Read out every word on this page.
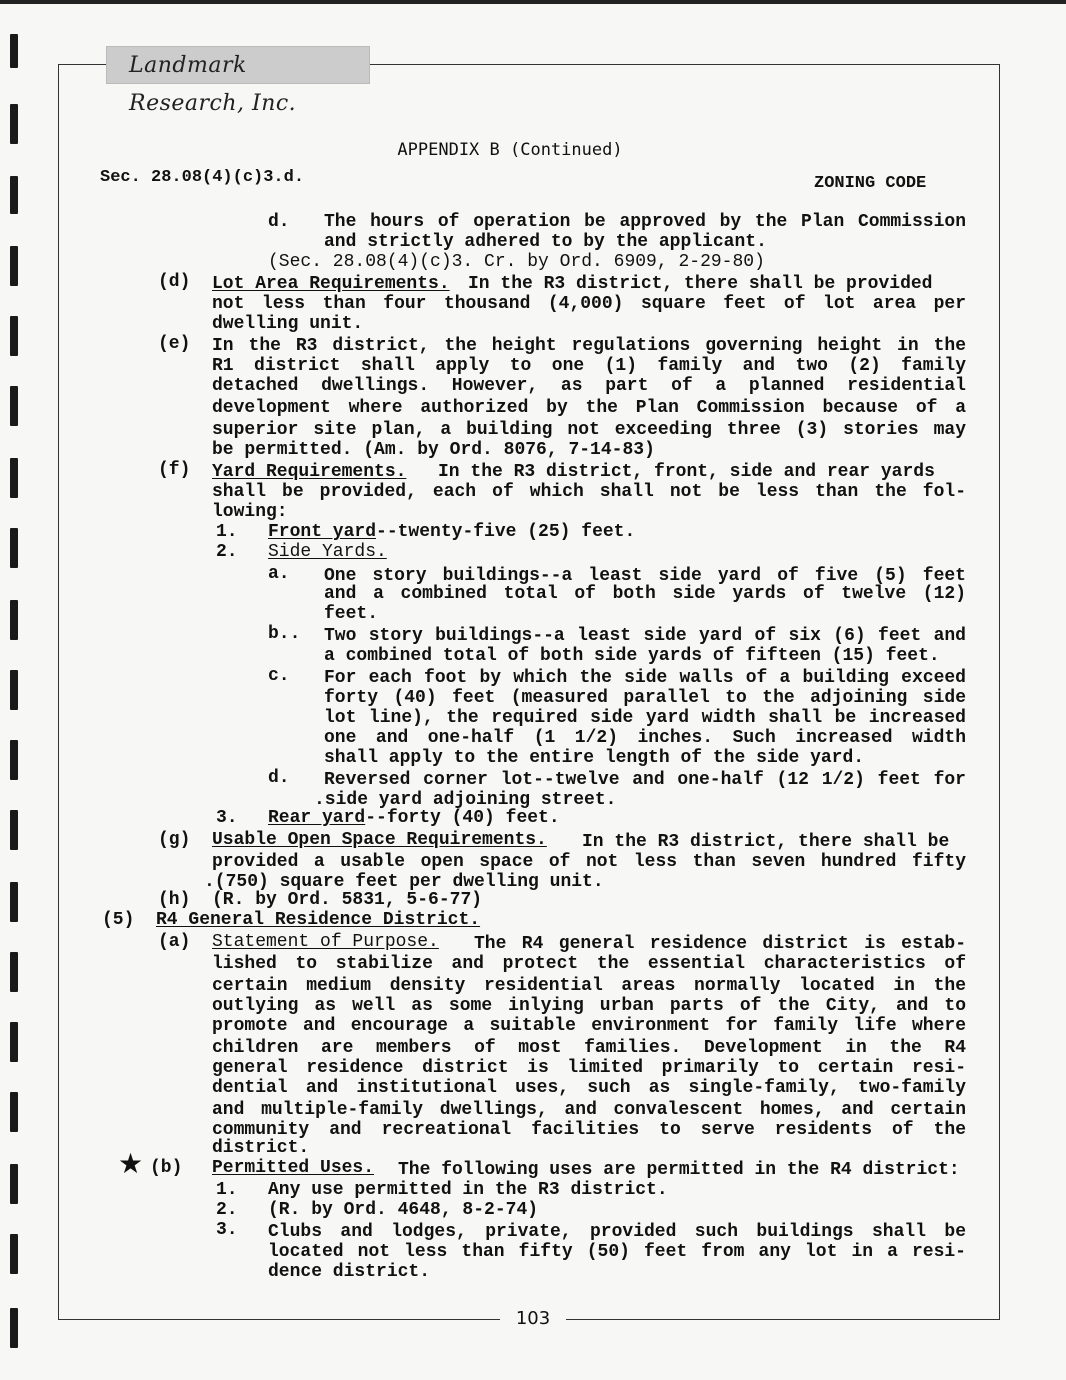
Landmark Research, Inc.
103
APPENDIX B (Continued)
Sec. 28.08(4)(c)3.d.	ZONING CODE
d. The hours of operation be approved by the Plan Commission
and strictly adhered to by the applicant.
(Sec. 28.08(4)(c)3. Cr. by Ord. 6909, 2-29-80)
(d) Lot Area Requirements. In the R3 district, there shall be provided
not less than four thousand (4,000) square feet of lot area per
dwelling unit.
(e) In the R3 district, the height regulations governing height in the
R1 district shall apply to one (1) family and two (2) family
detached dwellings. However, as part of a planned residential
development where authorized by the Plan Commission because of a
superior site plan, a building not exceeding three (3) stories may
be permitted. (Am. by Ord. 8076, 7-14-83)
(f) Yard Requirements. In the R3 district, front, side and rear yards
shall be provided, each of which shall not be less than the fol-
lowing:
1. Front yard--twenty-five (25) feet.
2. Side Yards.
a. One story buildings--a least side yard of five (5) feet
and a combined total of both side yards of twelve (12)
feet.
b.. Two story buildings--a least side yard of six (6) feet and
a combined total of both side yards of fifteen (15) feet.
c. For each foot by which the side walls of a building exceed
forty (40) feet (measured parallel to the adjoining side
lot line), the required side yard width shall be increased
one and one-half (1 1/2) inches. Such increased width
shall apply to the entire length of the side yard.
d. Reversed corner lot--twelve and one-half (12 1/2) feet for
.side yard adjoining street.
3. Rear yard--forty (40) feet.
(g) Usable Open Space Requirements. In the R3 district, there shall be
provided a usable open space of not less than seven hundred fifty
.(750) square feet per dwelling unit.
(h) (R. by Ord. 5831, 5-6-77)
(5) R4 General Residence District.
(a) Statement of Purpose. The R4 general residence district is estab-
lished to stabilize and protect the essential characteristics of
certain medium density residential areas normally located in the
outlying as well as some inlying urban parts of the City, and to
promote and encourage a suitable environment for family life where
children are members of most families. Development in the R4
general residence district is limited primarily to certain resi-
dential and institutional uses, such as single-family, two-family
and multiple-family dwellings, and convalescent homes, and certain
community and recreational facilities to serve residents of the
district.
★ (b) Permitted Uses. The following uses are permitted in the R4 district:
1. Any use permitted in the R3 district.
2. (R. by Ord. 4648, 8-2-74)
3. Clubs and lodges, private, provided such buildings shall be
located not less than fifty (50) feet from any lot in a resi-
dence district.
